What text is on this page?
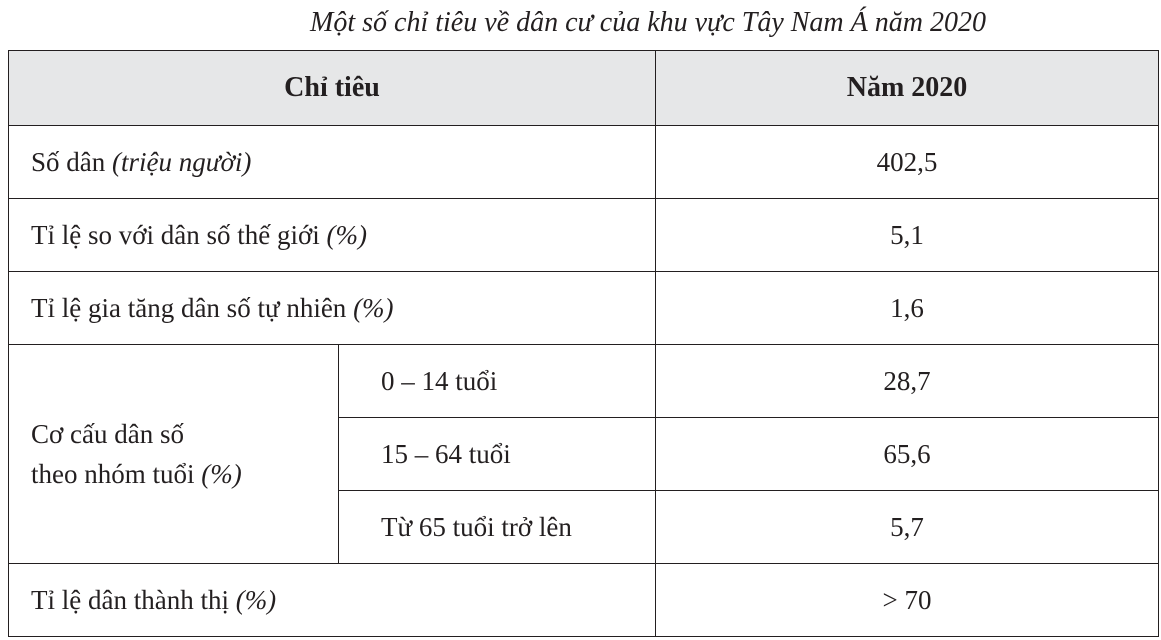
Một số chỉ tiêu về dân cư của khu vực Tây Nam Á năm 2020
Chỉ tiêu		Năm 2020
Số dân (triệu người)		402,5
Tỉ lệ so với dân số thế giới (%)		5,1
Tỉ lệ gia tăng dân số tự nhiên (%)		1,6
Cơ cấu dân số
theo nhóm tuổi (%)	0 – 14 tuổi	28,7
	15 – 64 tuổi	65,6
	Từ 65 tuổi trở lên	5,7
Tỉ lệ dân thành thị (%)		> 70
